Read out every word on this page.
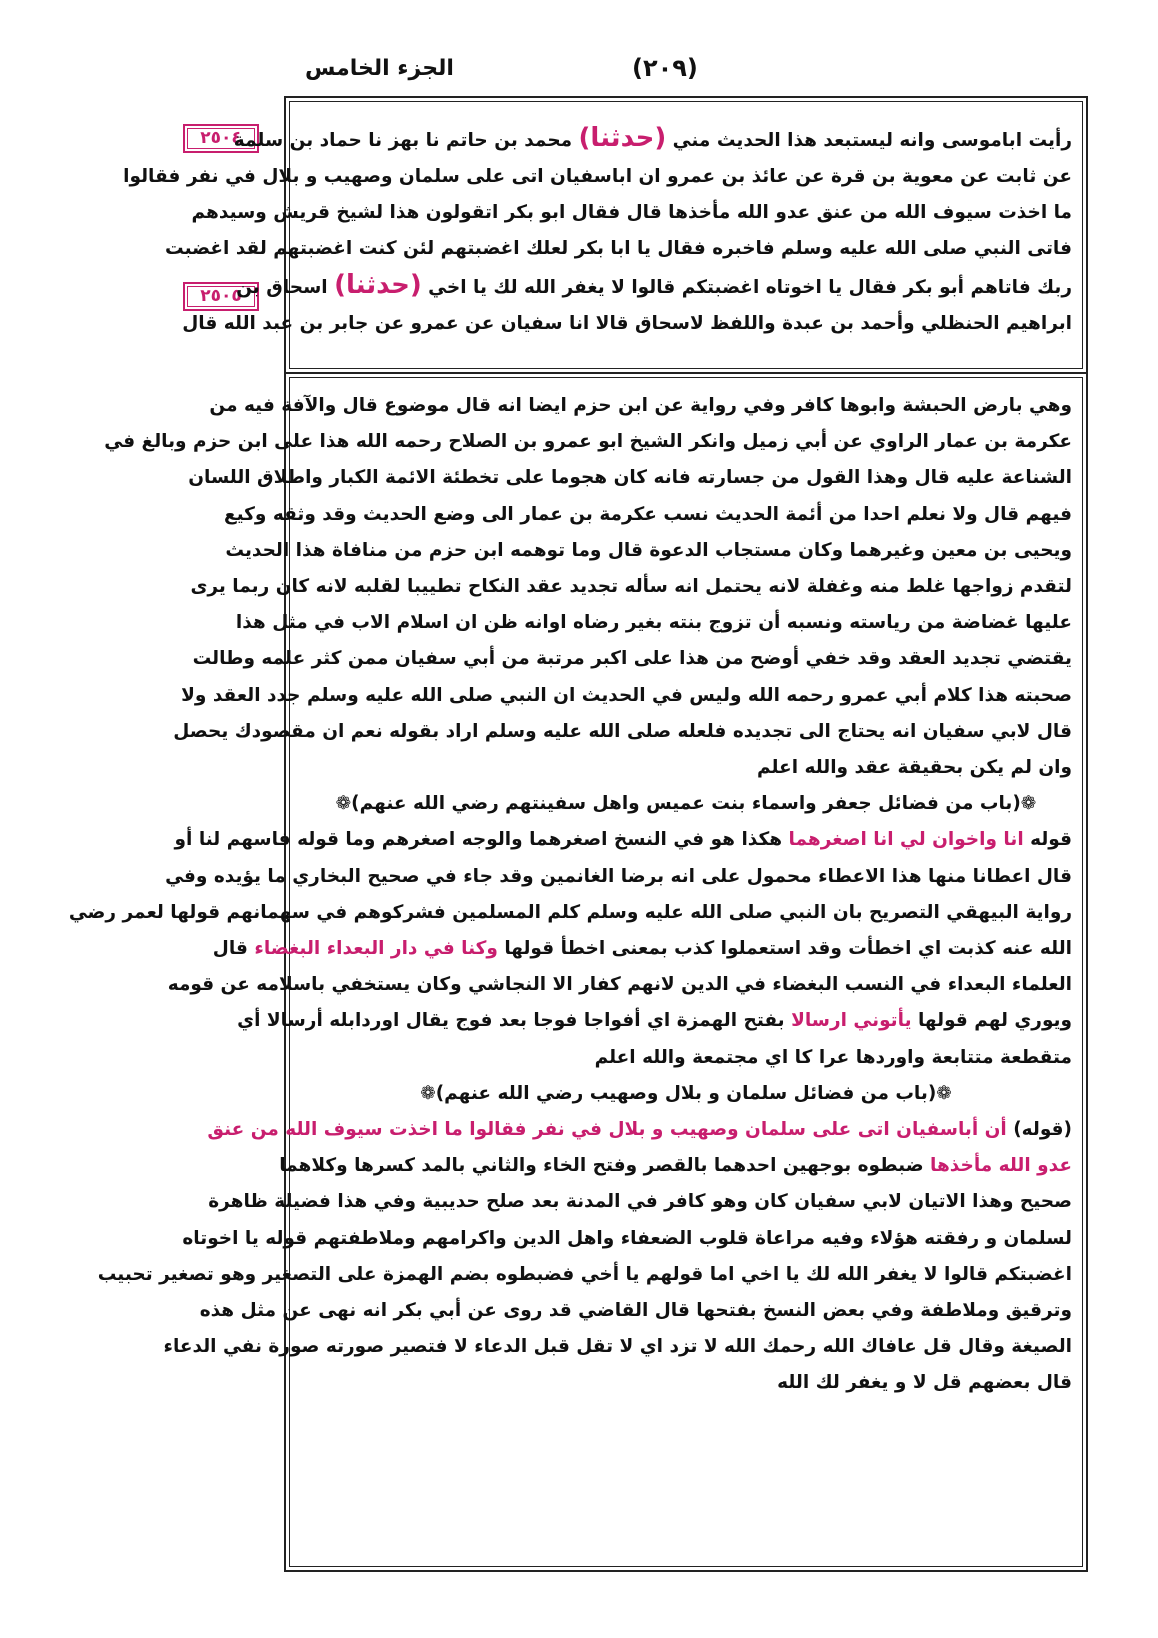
الجزء الخامس	(٢٠٩)
٢٥٠٤
٢٥٠٥
رأيت اباموسى وانه ليستبعد هذا الحديث مني (حدثنا) محمد بن حاتم نا بهز نا حماد بن سلمة
عن ثابت عن معوية بن قرة عن عائذ بن عمرو ان اباسفيان اتى على سلمان وصهيب و بلال في نفر فقالوا
ما اخذت سيوف الله من عنق عدو الله مأخذها قال فقال ابو بكر اتقولون هذا لشيخ قريش وسيدهم
فاتى النبي صلى الله عليه وسلم فاخبره فقال يا ابا بكر لعلك اغضبتهم لئن كنت اغضبتهم لقد اغضبت
ربك فاتاهم أبو بكر فقال يا اخوتاه اغضبتكم قالوا لا يغفر الله لك يا اخي (حدثنا) اسحاق بن
ابراهيم الحنظلي وأحمد بن عبدة واللفظ لاسحاق قالا انا سفيان عن عمرو عن جابر بن عبد الله قال
وهي بارض الحبشة وابوها كافر وفي رواية عن ابن حزم ايضا انه قال موضوع قال والآفة فيه من
عكرمة بن عمار الراوي عن أبي زميل وانكر الشيخ ابو عمرو بن الصلاح رحمه الله هذا على ابن حزم وبالغ في
الشناعة عليه قال وهذا القول من جسارته فانه كان هجوما على تخطئة الائمة الكبار واطلاق اللسان
فيهم قال ولا نعلم احدا من أئمة الحديث نسب عكرمة بن عمار الى وضع الحديث وقد وثقه وكيع
ويحيى بن معين وغيرهما وكان مستجاب الدعوة قال وما توهمه ابن حزم من منافاة هذا الحديث
لتقدم زواجها غلط منه وغفلة لانه يحتمل انه سأله تجديد عقد النكاح تطييبا لقلبه لانه كان ربما يرى
عليها غضاضة من رياسته ونسبه أن تزوج بنته بغير رضاه اوانه ظن ان اسلام الاب في مثل هذا
يقتضي تجديد العقد وقد خفي أوضح من هذا على اكبر مرتبة من أبي سفيان ممن كثر علمه وطالت
صحبته هذا كلام أبي عمرو رحمه الله وليس في الحديث ان النبي صلى الله عليه وسلم جدد العقد ولا
قال لابي سفيان انه يحتاج الى تجديده فلعله صلى الله عليه وسلم اراد بقوله نعم ان مقصودك يحصل
وان لم يكن بحقيقة عقد والله اعلم
❁(باب من فضائل جعفر واسماء بنت عميس واهل سفينتهم رضي الله عنهم)❁
قوله انا واخوان لي انا اصغرهما هكذا هو في النسخ اصغرهما والوجه اصغرهم وما قوله فاسهم لنا أو
قال اعطانا منها هذا الاعطاء محمول على انه برضا الغانمين وقد جاء في صحيح البخاري ما يؤيده وفي
رواية البيهقي التصريح بان النبي صلى الله عليه وسلم كلم المسلمين فشركوهم في سهمانهم قولها لعمر رضي
الله عنه كذبت اي اخطأت وقد استعملوا كذب بمعنى اخطأ قولها وكنا في دار البعداء البغضاء قال
العلماء البعداء في النسب البغضاء في الدين لانهم كفار الا النجاشي وكان يستخفي باسلامه عن قومه
ويوري لهم قولها يأتوني ارسالا بفتح الهمزة اي أفواجا فوجا بعد فوج يقال اوردابله أرسالا أي
متقطعة متتابعة واوردها عرا كا اي مجتمعة والله اعلم
❁(باب من فضائل سلمان و بلال وصهيب رضي الله عنهم)❁
(قوله) أن أباسفيان اتى على سلمان وصهيب و بلال في نفر فقالوا ما اخذت سيوف الله من عنق
عدو الله مأخذها ضبطوه بوجهين احدهما بالقصر وفتح الخاء والثاني بالمد كسرها وكلاهما
صحيح وهذا الاتيان لابي سفيان كان وهو كافر في المدنة بعد صلح حديبية وفي هذا فضيلة ظاهرة
لسلمان و رفقته هؤلاء وفيه مراعاة قلوب الضعفاء واهل الدين واكرامهم وملاطفتهم قوله يا اخوتاه
اغضبتكم قالوا لا يغفر الله لك يا اخي اما قولهم يا أخي فضبطوه بضم الهمزة على التصغير وهو تصغير تحبيب
وترقيق وملاطفة وفي بعض النسخ بفتحها قال القاضي قد روى عن أبي بكر انه نهى عن مثل هذه
الصيغة وقال قل عافاك الله رحمك الله لا تزد اي لا تقل قبل الدعاء لا فتصير صورته صورة نفي الدعاء
قال بعضهم قل لا و يغفر لك الله
